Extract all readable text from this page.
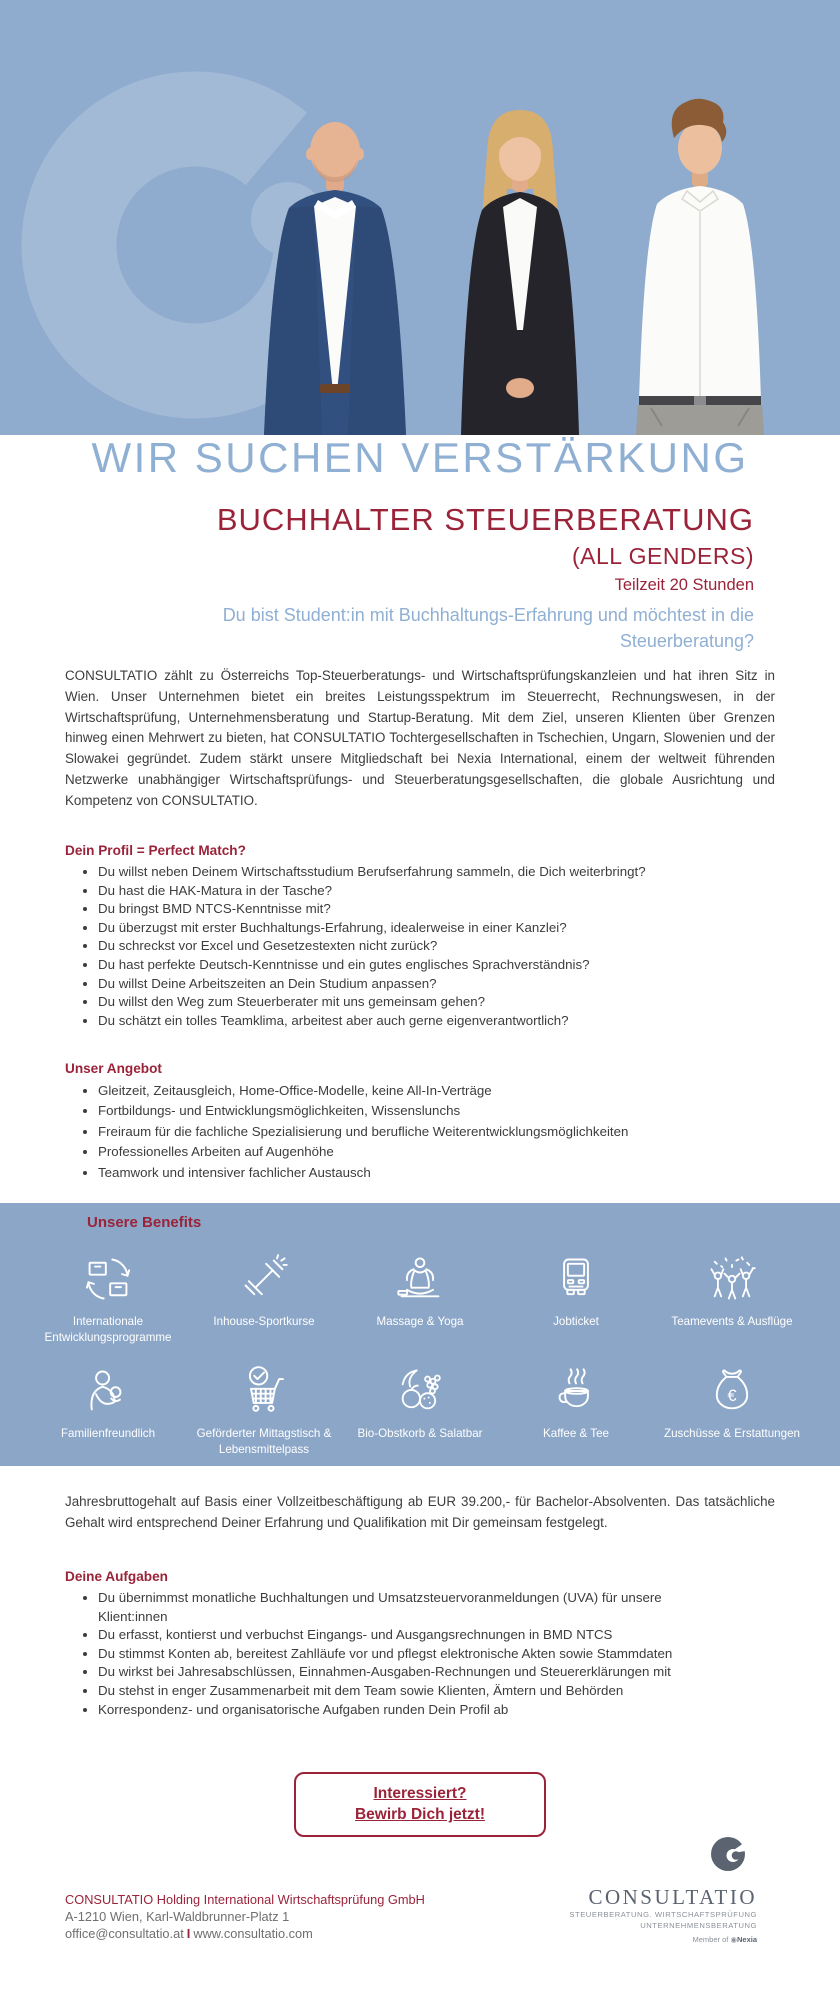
WIR SUCHEN VERSTÄRKUNG
BUCHHALTER STEUERBERATUNG
(ALL GENDERS)
Teilzeit 20 Stunden
Du bist Student:in mit Buchhaltungs-Erfahrung und möchtest in die Steuerberatung?

CONSULTATIO zählt zu Österreichs Top-Steuerberatungs- und Wirtschaftsprüfungskanzleien und hat ihren Sitz in Wien. Unser Unternehmen bietet ein breites Leistungsspektrum im Steuerrecht, Rechnungswesen, in der Wirtschaftsprüfung, Unternehmensberatung und Startup-Beratung. Mit dem Ziel, unseren Klienten über Grenzen hinweg einen Mehrwert zu bieten, hat CONSULTATIO Tochtergesellschaften in Tschechien, Ungarn, Slowenien und der Slowakei gegründet. Zudem stärkt unsere Mitgliedschaft bei Nexia International, einem der weltweit führenden Netzwerke unabhängiger Wirtschaftsprüfungs- und Steuerberatungsgesellschaften, die globale Ausrichtung und Kompetenz von CONSULTATIO.

Dein Profil = Perfect Match?
• Du willst neben Deinem Wirtschaftsstudium Berufserfahrung sammeln, die Dich weiterbringt?
• Du hast die HAK-Matura in der Tasche?
• Du bringst BMD NTCS-Kenntnisse mit?
• Du überzugst mit erster Buchhaltungs-Erfahrung, idealerweise in einer Kanzlei?
• Du schreckst vor Excel und Gesetzestexten nicht zurück?
• Du hast perfekte Deutsch-Kenntnisse und ein gutes englisches Sprachverständnis?
• Du willst Deine Arbeitszeiten an Dein Studium anpassen?
• Du willst den Weg zum Steuerberater mit uns gemeinsam gehen?
• Du schätzt ein tolles Teamklima, arbeitest aber auch gerne eigenverantwortlich?
Unser Angebot
• Gleitzeit, Zeitausgleich, Home-Office-Modelle, keine All-In-Verträge
• Fortbildungs- und Entwicklungsmöglichkeiten, Wissenslunchs
• Freiraum für die fachliche Spezialisierung und berufliche Weiterentwicklungsmöglichkeiten
• Professionelles Arbeiten auf Augenhöhe
• Teamwork und intensiver fachlicher Austausch
Unsere Benefits
Internationale Entwicklungsprogramme
Inhouse-Sportkurse	Massage & Yoga	Jobticket	Teamevents & Ausflüge
Familienfreundlich	Geförderter Mittagstisch & Lebensmittelpass
Bio-Obstkorb & Salatbar	Kaffee & Tee
€
Zuschüsse & Erstattungen

Jahresbruttogehalt auf Basis einer Vollzeitbeschäftigung ab EUR 39.200,- für Bachelor-Absolventen. Das tatsächliche Gehalt wird entsprechend Deiner Erfahrung und Qualifikation mit Dir gemeinsam festgelegt.

Deine Aufgaben
• Du übernimmst monatliche Buchhaltungen und Umsatzsteuervoranmeldungen (UVA) für unsere Klient:innen
• Du erfasst, kontierst und verbuchst Eingangs- und Ausgangsrechnungen in BMD NTCS
• Du stimmst Konten ab, bereitest Zahlläufe vor und pflegst elektronische Akten sowie Stammdaten
• Du wirkst bei Jahresabschlüssen, Einnahmen-Ausgaben-Rechnungen und Steuererklärungen mit
• Du stehst in enger Zusammenarbeit mit dem Team sowie Klienten, Ämtern und Behörden
• Korrespondenz- und organisatorische Aufgaben runden Dein Profil ab
Interessiert?
Bewirb Dich jetzt!
CONSULTATIO Holding International Wirtschaftsprüfung GmbH
A-1210 Wien, Karl-Waldbrunner-Platz 1
office@consultatio.at I www.consultatio.com
CONSULTATIO
STEUERBERATUNG. WIRTSCHAFTSPRÜFUNG
UNTERNEHMENSBERATUNG
Member of ◉Nexia
